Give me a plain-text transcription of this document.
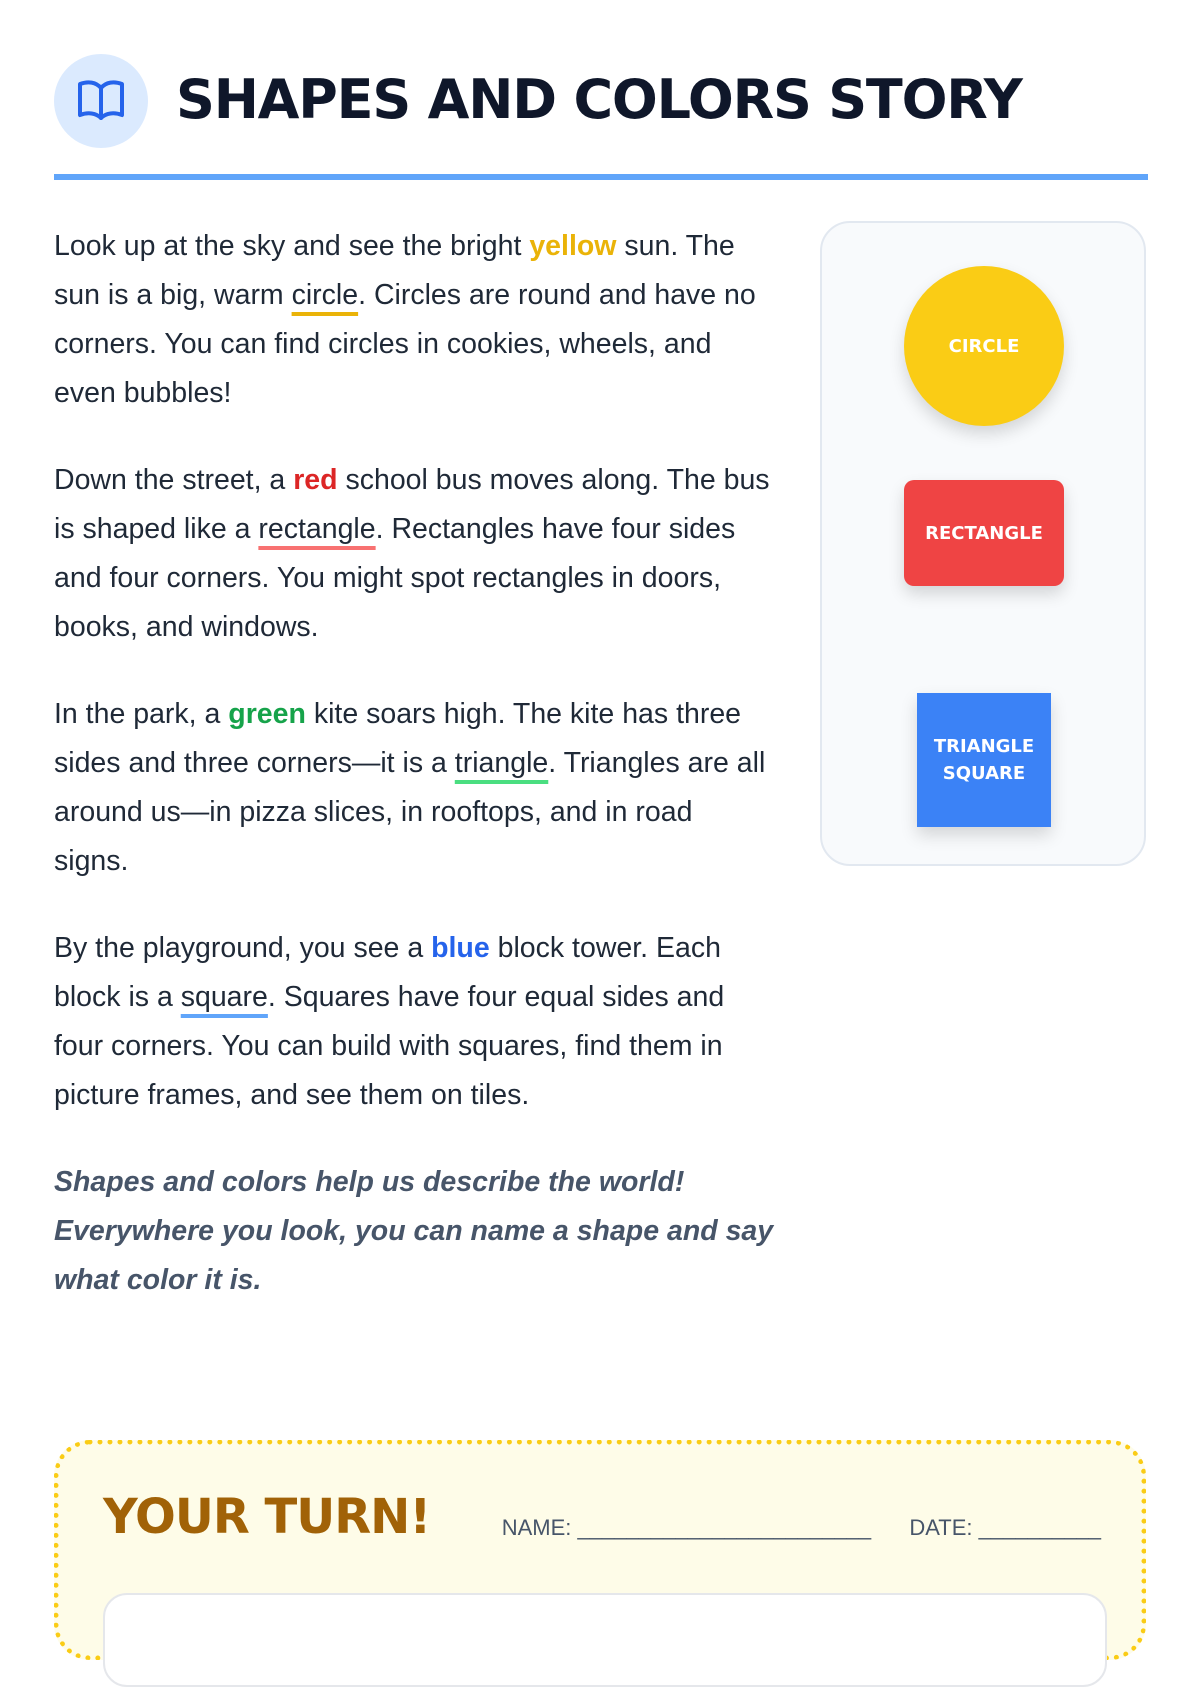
SHAPES AND COLORS STORY

Look up at the sky and see the bright yellow sun. The sun is a big, warm circle. Circles are round and have no corners. You can find circles in cookies, wheels, and even bubbles!

Down the street, a red school bus moves along. The bus is shaped like a rectangle. Rectangles have four sides and four corners. You might spot rectangles in doors, books, and windows.

In the park, a green kite soars high. The kite has three sides and three corners—it is a triangle. Triangles are all around us—in pizza slices, in rooftops, and in road signs.

By the playground, you see a blue block tower. Each block is a square. Squares have four equal sides and four corners. You can build with squares, find them in picture frames, and see them on tiles.

Shapes and colors help us describe the world! Everywhere you look, you can name a shape and say what color it is.

CIRCLE
RECTANGLE
TRIANGLE
SQUARE
YOUR TURN!	NAME: ________________________ DATE: __________
